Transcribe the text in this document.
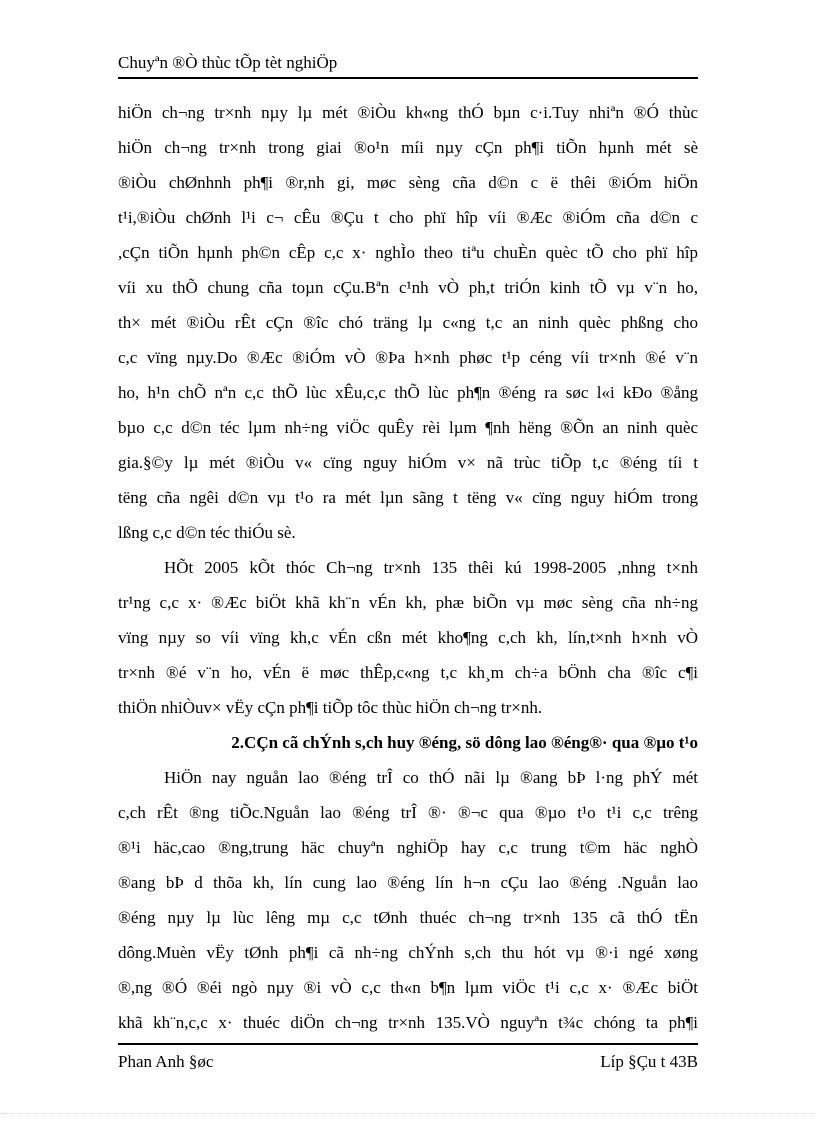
Chuyªn ®Ò thùc tÕp tèt nghiÖp
hiÖn ch¬ng tr×nh nµy lµ mét ®iÒu kh«ng thÓ bµn c·i.Tuy nhiªn ®Ó thùc
hiÖn ch¬ng tr×nh trong giai ®o¹n míi nµy cÇn ph¶i tiÕn hµnh mét sè
®iÒu chØnhnh ph¶i ®r,nh gi, møc sèng cña d©n c ë thêi ®iÓm hiÖn
t¹i,®iÒu chØnh l¹i c¬ cÊu ®Çu t cho phï hîp víi ®Æc ®iÓm cña d©n c
,cÇn tiÕn hµnh ph©n cÊp c,c x· nghÌo theo tiªu chuÈn quèc tÕ cho phï hîp
víi xu thÕ chung cña toµn cÇu.Bªn c¹nh vÒ ph,t triÓn kinh tÕ vµ v¨n ho,
th× mét ®iÒu rÊt cÇn ®îc chó träng lµ c«ng t,c an ninh quèc phßng cho
c,c vïng nµy.Do ®Æc ®iÓm vÒ ®Þa h×nh phøc t¹p céng víi tr×nh ®é v¨n
ho, h¹n chÕ nªn c,c thÕ lùc xÊu,c,c thÕ lùc ph¶n ®éng ra søc l«i kÐo ®ång
bµo c,c d©n téc lµm nh÷ng viÖc quÊy rèi lµm ¶nh hëng ®Õn an ninh quèc
gia.§©y lµ mét ®iÒu v« cïng nguy hiÓm v× nã trùc tiÕp t,c ®éng tíi t
tëng cña ngêi d©n vµ t¹o ra mét lµn sãng t tëng v« cïng nguy hiÓm trong
lßng c,c d©n téc thiÓu sè.
HÕt 2005 kÕt thóc Ch¬ng tr×nh 135 thêi kú 1998-2005 ,nhng t×nh
tr¹ng c,c x· ®Æc biÖt khã kh¨n vÉn kh, phæ biÕn vµ møc sèng cña nh÷ng
vïng nµy so víi vïng kh,c vÉn cßn mét kho¶ng c,ch kh, lín,t×nh h×nh vÒ
tr×nh ®é v¨n ho, vÉn ë møc thÊp,c«ng t,c kh¸m ch÷a bÖnh cha ®îc c¶i
thiÖn nhiÒuv× vËy cÇn ph¶i tiÕp tôc thùc hiÖn ch¬ng tr×nh.
2.CÇn cã chÝnh s,ch huy ®éng, sö dông lao ®éng®· qua ®µo t¹o
HiÖn nay nguån lao ®éng trÎ co thÓ nãi lµ ®ang bÞ l·ng phÝ mét
c,ch rÊt ®ng tiÕc.Nguån lao ®éng trÎ ®· ®¬c qua ®µo t¹o t¹i c,c trêng
®¹i häc,cao ®ng,trung häc chuyªn nghiÖp hay c,c trung t©m häc nghÒ
®ang bÞ d thõa kh, lín cung lao ®éng lín h¬n cÇu lao ®éng .Nguån lao
®éng nµy lµ lùc lêng mµ c,c tØnh thuéc ch¬ng tr×nh 135 cã thÓ tËn
dông.Muèn vËy tØnh ph¶i cã nh÷ng chÝnh s,ch thu hót vµ ®·i ngé xøng
®,ng ®Ó ®éi ngò nµy ®i vÒ c,c th«n b¶n lµm viÖc t¹i c,c x· ®Æc biÖt
khã kh¨n,c,c x· thuéc diÖn ch¬ng tr×nh 135.VÒ nguyªn t¾c chóng ta ph¶i
Phan Anh §øc	Líp §Çu t 43B
